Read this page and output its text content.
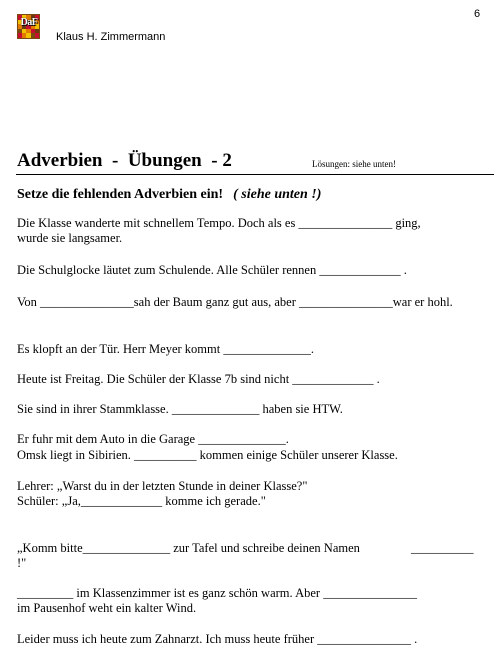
DaF
Klaus H. Zimmermann
6
Adverbien  -  Übungen  - 2	Lösungen: siehe unten!
Setze die fehlenden Adverbien ein! ( siehe unten !)
Die Klasse wanderte mit schnellem Tempo. Doch als es _______________ ging,
wurde sie langsamer.
Die Schulglocke läutet zum Schulende. Alle Schüler rennen _____________ .
Von _______________sah der Baum ganz gut aus, aber _______________war er hohl.
Es klopft an der Tür. Herr Meyer kommt ______________.
Heute ist Freitag. Die Schüler der Klasse 7b sind nicht _____________ .
Sie sind in ihrer Stammklasse. ______________ haben sie HTW.
Er fuhr mit dem Auto in die Garage ______________.
Omsk liegt in Sibirien. __________ kommen einige Schüler unserer Klasse.
Lehrer: „Warst du in der letzten Stunde in deiner Klasse?"
Schüler: „Ja,_____________ komme ich gerade."
„Komm bitte______________ zur Tafel und schreibe deinen Namen	__________
!"
_________ im Klassenzimmer ist es ganz schön warm. Aber _______________
im Pausenhof weht ein kalter Wind.
Leider muss ich heute zum Zahnarzt. Ich muss heute früher _______________ .
